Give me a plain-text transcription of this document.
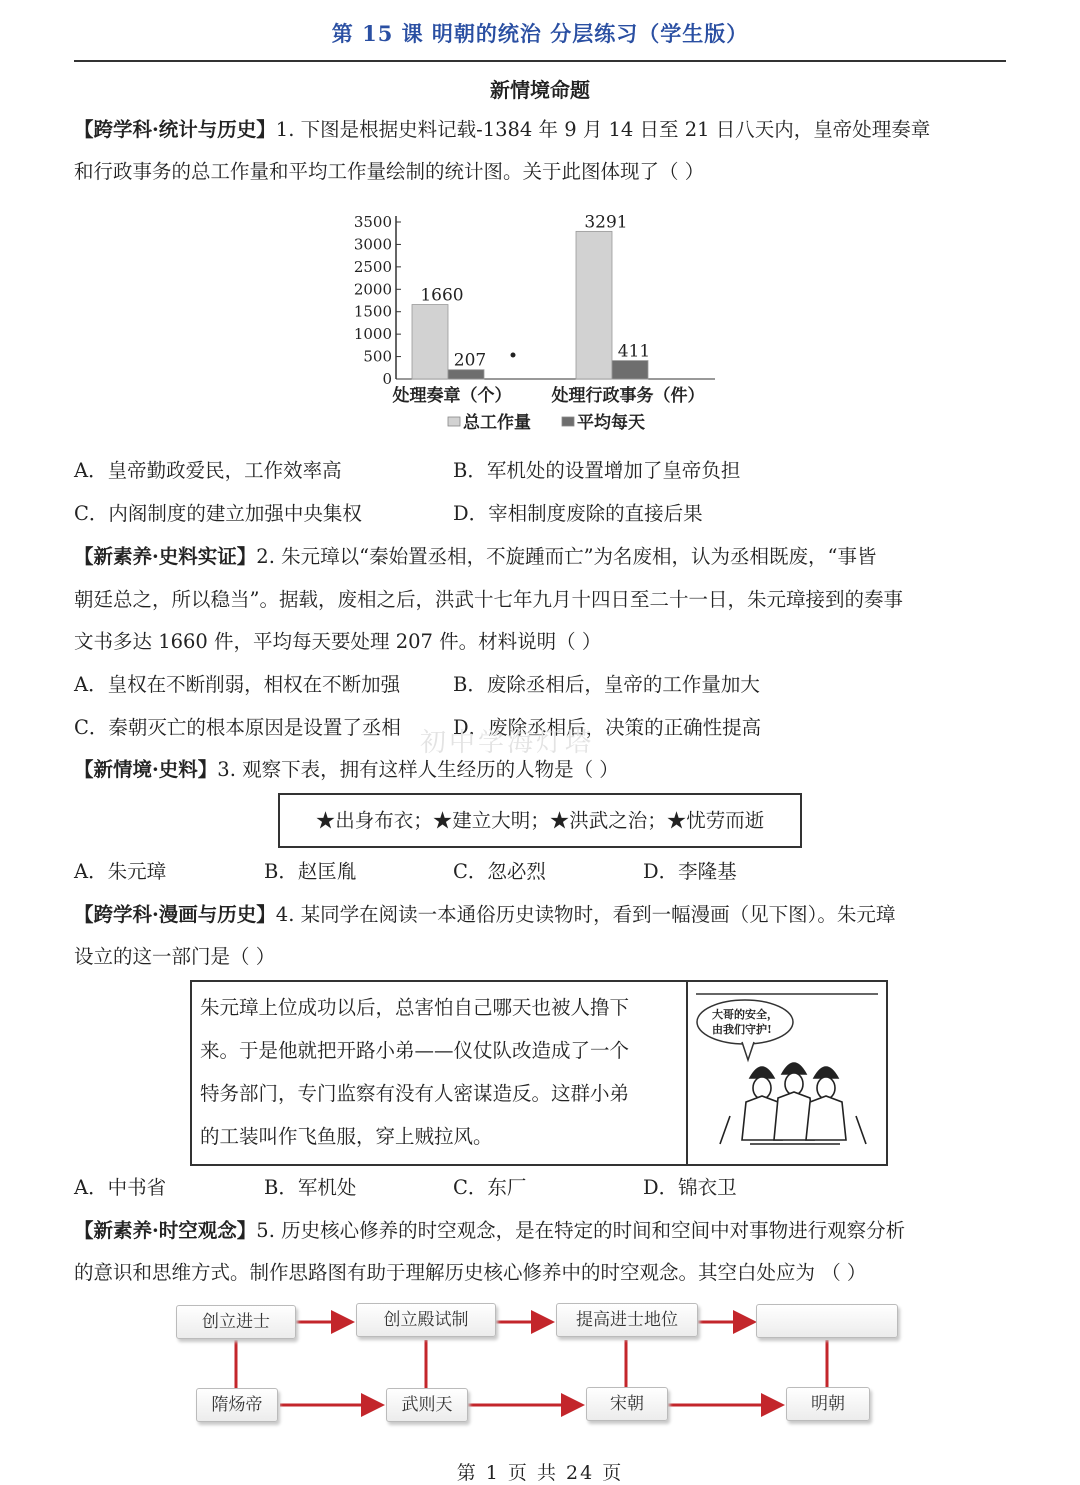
第 15 课 明朝的统治 分层练习（学生版）
新情境命题
【跨学科·统计与历史】1. 下图是根据史料记载-1384 年 9 月 14 日至 21 日八天内，皇帝处理奏章
和行政事务的总工作量和平均工作量绘制的统计图。关于此图体现了（ ）
0
500
1000
1500
2000
2500
3000
3500
1660
207
处理奏章（个）
3291
411
处理行政事务（件）
总工作量	平均每天
A．皇帝勤政爱民，工作效率高	B．军机处的设置增加了皇帝负担
C．内阁制度的建立加强中央集权	D．宰相制度废除的直接后果
【新素养·史料实证】2. 朱元璋以“秦始置丞相，不旋踵而亡”为名废相，认为丞相既废，“事皆
朝廷总之，所以稳当”。据载，废相之后，洪武十七年九月十四日至二十一日，朱元璋接到的奏事
文书多达 1660 件，平均每天要处理 207 件。材料说明（ ）
A．皇权在不断削弱，相权在不断加强	B．废除丞相后，皇帝的工作量加大
C．秦朝灭亡的根本原因是设置了丞相	D．废除丞相后，决策的正确性提高
初中学海灯塔
【新情境·史料】3. 观察下表，拥有这样人生经历的人物是（ ）
★出身布衣；★建立大明；★洪武之治；★忧劳而逝
A．朱元璋	B．赵匡胤	C．忽必烈	D．李隆基
【跨学科·漫画与历史】4. 某同学在阅读一本通俗历史读物时，看到一幅漫画（见下图）。朱元璋
设立的这一部门是（ ）
朱元璋上位成功以后，总害怕自己哪天也被人撸下
来。于是他就把开路小弟——仪仗队改造成了一个
特务部门，专门监察有没有人密谋造反。这群小弟
的工装叫作飞鱼服，穿上贼拉风。
大哥的安全，
由我们守护!
A．中书省	B．军机处	C．东厂	D．锦衣卫
【新素养·时空观念】5. 历史核心修养的时空观念，是在特定的时间和空间中对事物进行观察分析
的意识和思维方式。制作思路图有助于理解历史核心修养中的时空观念。其空白处应为 （ ）
创立进士	创立殿试制	提高进士地位
隋炀帝	武则天	宋朝	明朝
第 1 页 共 24 页
